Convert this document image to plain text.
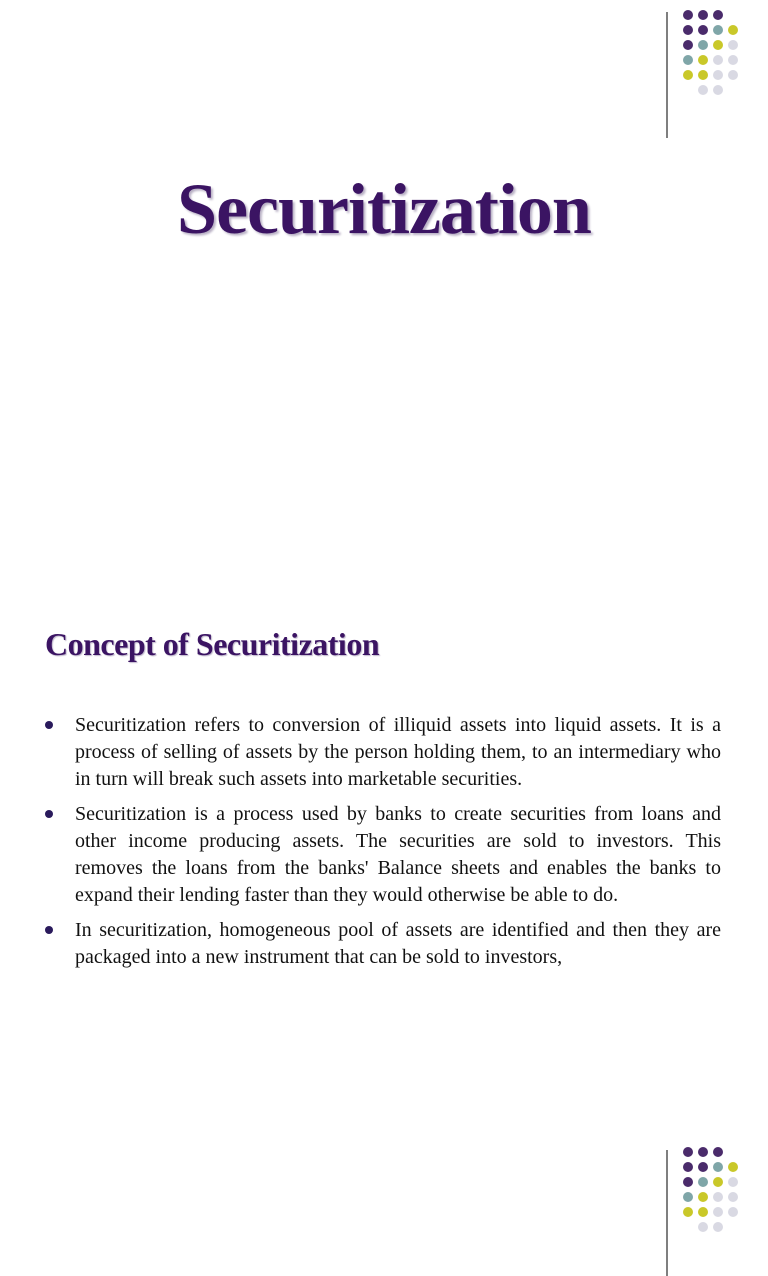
Securitization
Concept of Securitization
Securitization refers to conversion of illiquid assets into liquid assets. It is a process of selling of assets by the person holding them, to an intermediary who in turn will break such assets into marketable securities.
Securitization is a process used by banks to create securities from loans and other income producing assets. The securities are sold to investors. This removes the loans from the banks' Balance sheets and enables the banks to expand their lending faster than they would otherwise be able to do.
In securitization, homogeneous pool of assets are identified and then they are packaged into a new instrument that can be sold to investors,
